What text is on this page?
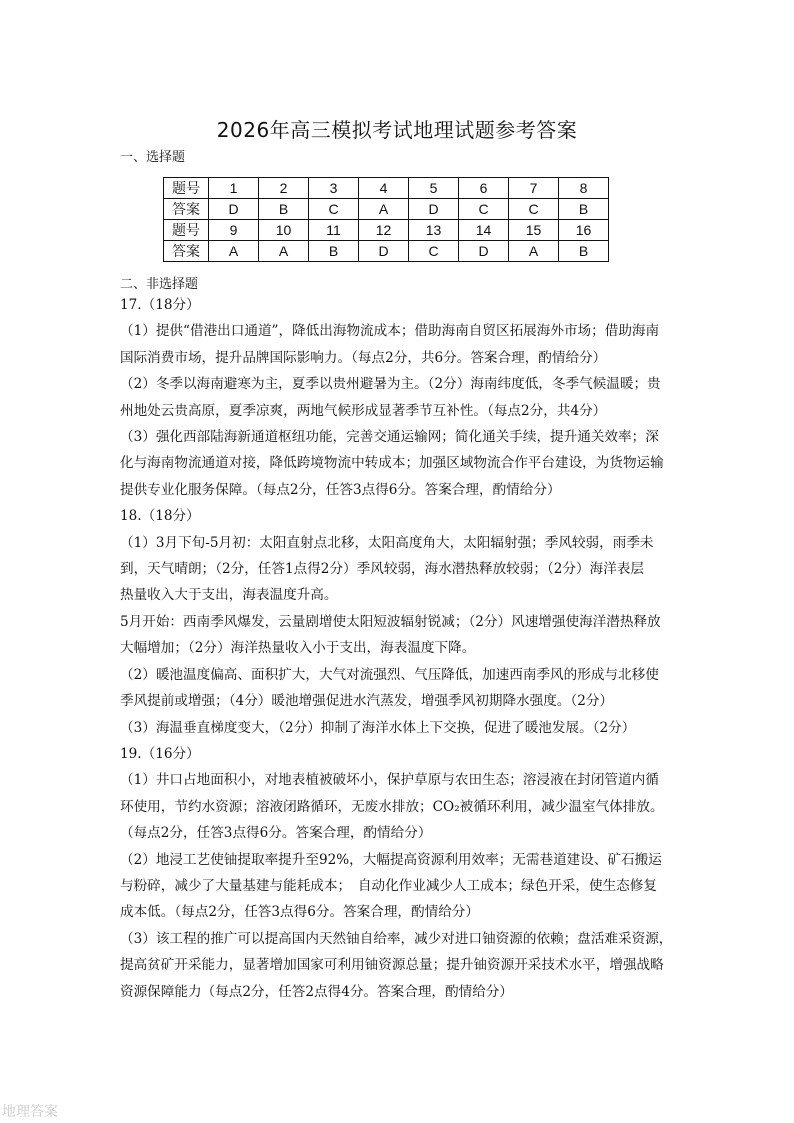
2026年高三模拟考试地理试题参考答案
一、选择题
题号	1	2	3	4	5	6	7	8
答案	D	B	C	A	D	C	C	B
题号	9	10	11	12	13	14	15	16
答案	A	A	B	D	C	D	A	B
二、非选择题
17.（18分）
（1）提供“借港出口通道”，降低出海物流成本；借助海南自贸区拓展海外市场；借助海南
国际消费市场，提升品牌国际影响力。（每点2分，共6分。答案合理，酌情给分）
（2）冬季以海南避寒为主，夏季以贵州避暑为主。（2分）海南纬度低，冬季气候温暖；贵
州地处云贵高原，夏季凉爽，两地气候形成显著季节互补性。（每点2分，共4分）
（3）强化西部陆海新通道枢纽功能，完善交通运输网；简化通关手续，提升通关效率；深
化与海南物流通道对接，降低跨境物流中转成本；加强区域物流合作平台建设，为货物运输
提供专业化服务保障。（每点2分，任答3点得6分。答案合理，酌情给分）
18.（18分）
（1）3月下旬-5月初：太阳直射点北移，太阳高度角大，太阳辐射强；季风较弱，雨季未
到，天气晴朗；（2分，任答1点得2分）季风较弱，海水潜热释放较弱；（2分）海洋表层
热量收入大于支出，海表温度升高。
5月开始：西南季风爆发，云量剧增使太阳短波辐射锐减；（2分）风速增强使海洋潜热释放
大幅增加；（2分）海洋热量收入小于支出，海表温度下降。
（2）暖池温度偏高、面积扩大，大气对流强烈、气压降低，加速西南季风的形成与北移使
季风提前或增强；（4分）暖池增强促进水汽蒸发，增强季风初期降水强度。（2分）
（3）海温垂直梯度变大，（2分）抑制了海洋水体上下交换，促进了暖池发展。（2分）
19.（16分）
（1）井口占地面积小，对地表植被破坏小，保护草原与农田生态；溶浸液在封闭管道内循
环使用，节约水资源；溶液闭路循环，无废水排放；CO₂被循环利用，减少温室气体排放。
（每点2分，任答3点得6分。答案合理，酌情给分）
（2）地浸工艺使铀提取率提升至92%，大幅提高资源利用效率；无需巷道建设、矿石搬运
与粉碎，减少了大量基建与能耗成本；　自动化作业减少人工成本；绿色开采，使生态修复
成本低。（每点2分，任答3点得6分。答案合理，酌情给分）
（3）该工程的推广可以提高国内天然铀自给率，减少对进口铀资源的依赖；盘活难采资源，
提高贫矿开采能力，显著增加国家可利用铀资源总量；提升铀资源开采技术水平，增强战略
资源保障能力（每点2分，任答2点得4分。答案合理，酌情给分）
地理答案
